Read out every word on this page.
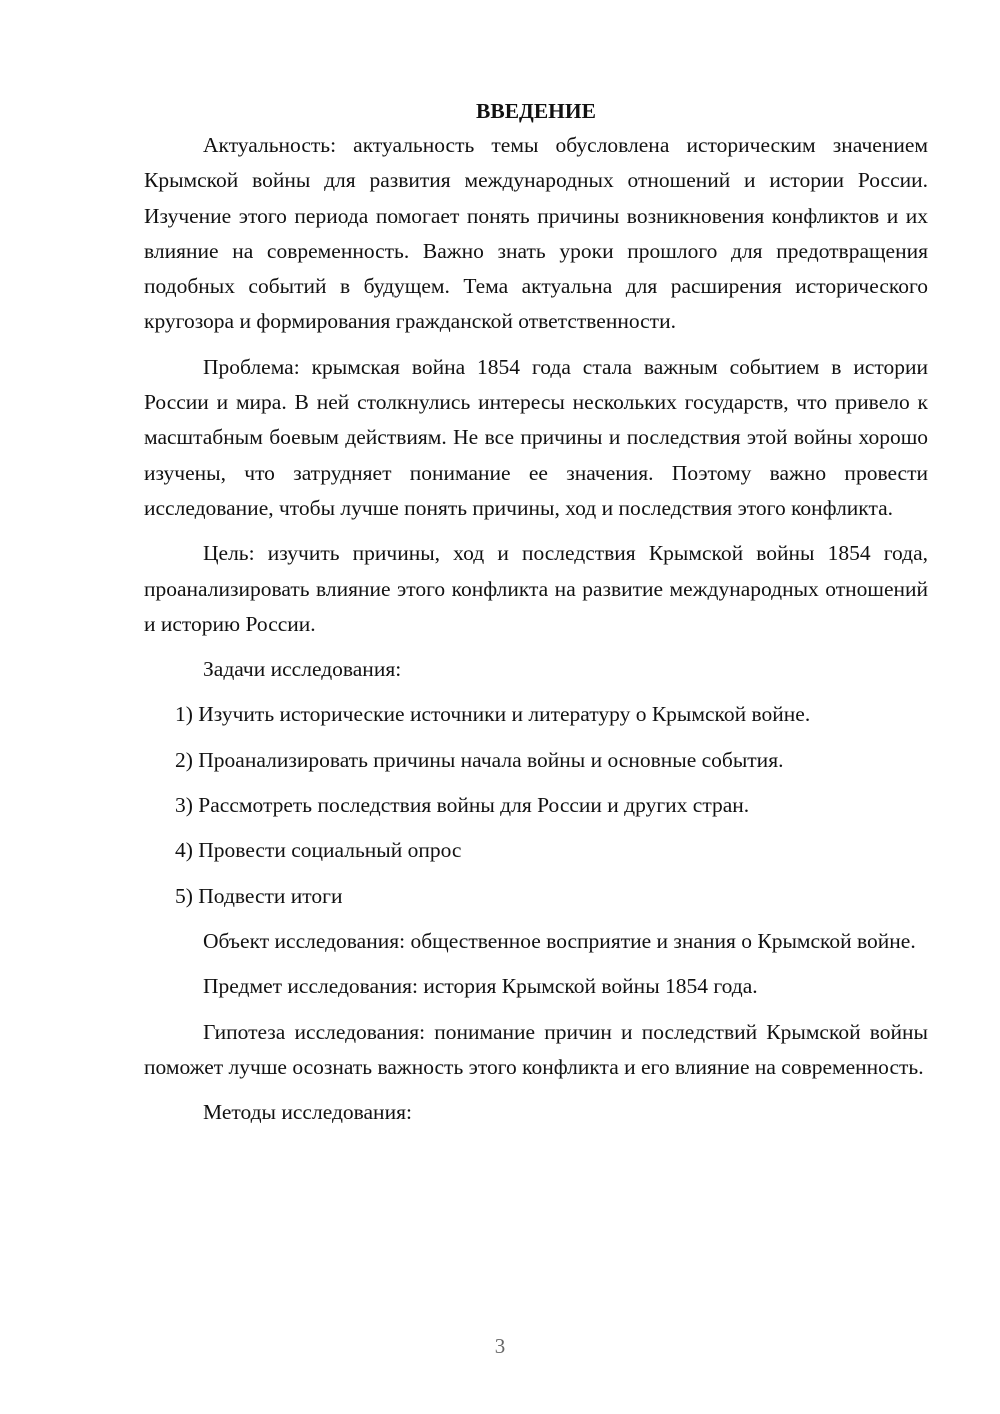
ВВЕДЕНИЕ

Актуальность: актуальность темы обусловлена историческим значением Крымской войны для развития международных отношений и истории России. Изучение этого периода помогает понять причины возникновения конфликтов и их влияние на современность. Важно знать уроки прошлого для предотвращения подобных событий в будущем. Тема актуальна для расширения исторического кругозора и формирования гражданской ответственности.

Проблема: крымская война 1854 года стала важным событием в истории России и мира. В ней столкнулись интересы нескольких государств, что привело к масштабным боевым действиям. Не все причины и последствия этой войны хорошо изучены, что затрудняет понимание ее значения. Поэтому важно провести исследование, чтобы лучше понять причины, ход и последствия этого конфликта.

Цель: изучить причины, ход и последствия Крымской войны 1854 года, проанализировать влияние этого конфликта на развитие международных отношений и историю России.

Задачи исследования:

1) Изучить исторические источники и литературу о Крымской войне.
2) Проанализировать причины начала войны и основные события.
3) Рассмотреть последствия войны для России и других стран.
4) Провести социальный опрос
5) Подвести итоги

Объект исследования: общественное восприятие и знания о Крымской войне.

Предмет исследования: история Крымской войны 1854 года.

Гипотеза исследования: понимание причин и последствий Крымской войны поможет лучше осознать важность этого конфликта и его влияние на современность.

Методы исследования:

3
